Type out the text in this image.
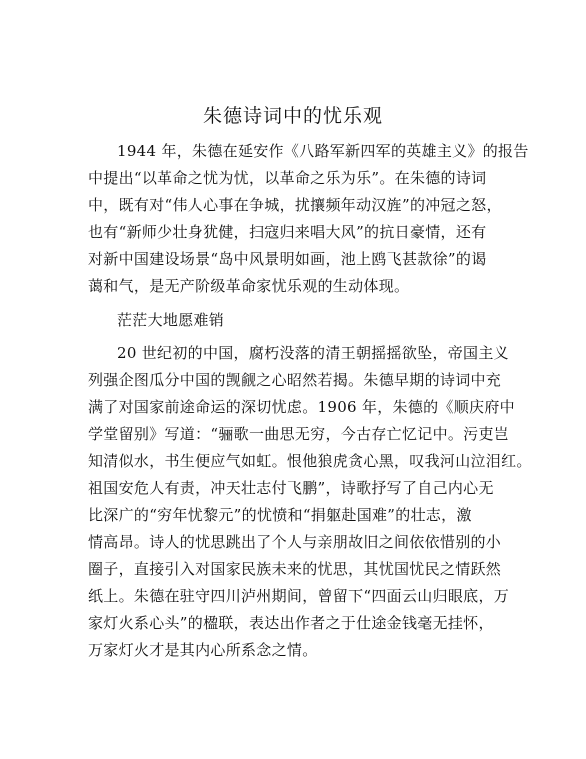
朱德诗词中的忧乐观

1944 年，朱德在延安作《八路军新四军的英雄主义》的报告

中提出“以革命之忧为忧，以革命之乐为乐”。在朱德的诗词

中，既有对“伟人心事在争城，扰攘频年动汉旌”的冲冠之怒，

也有“新师少壮身犹健，扫寇归来唱大风”的抗日豪情，还有

对新中国建设场景“岛中风景明如画，池上鸥飞甚款徐”的谒

蔼和气，是无产阶级革命家忧乐观的生动体现。

茫茫大地愿难销

20 世纪初的中国，腐朽没落的清王朝摇摇欲坠，帝国主义

列强企图瓜分中国的觊觎之心昭然若揭。朱德早期的诗词中充

满了对国家前途命运的深切忧虑。1906 年，朱德的《顺庆府中

学堂留别》写道：“骊歌一曲思无穷，今古存亡忆记中。污吏岂

知清似水，书生便应气如虹。恨他狼虎贪心黑，叹我河山泣泪红。

祖国安危人有责，冲天壮志付飞鹏”，诗歌抒写了自己内心无

比深广的“穷年忧黎元”的忧愤和“捐躯赴国难”的壮志，激

情高昂。诗人的忧思跳出了个人与亲朋故旧之间依依惜别的小

圈子，直接引入对国家民族未来的忧思，其忧国忧民之情跃然

纸上。朱德在驻守四川泸州期间，曾留下“四面云山归眼底，万

家灯火系心头”的楹联，表达出作者之于仕途金钱毫无挂怀，

万家灯火才是其内心所系念之情。
